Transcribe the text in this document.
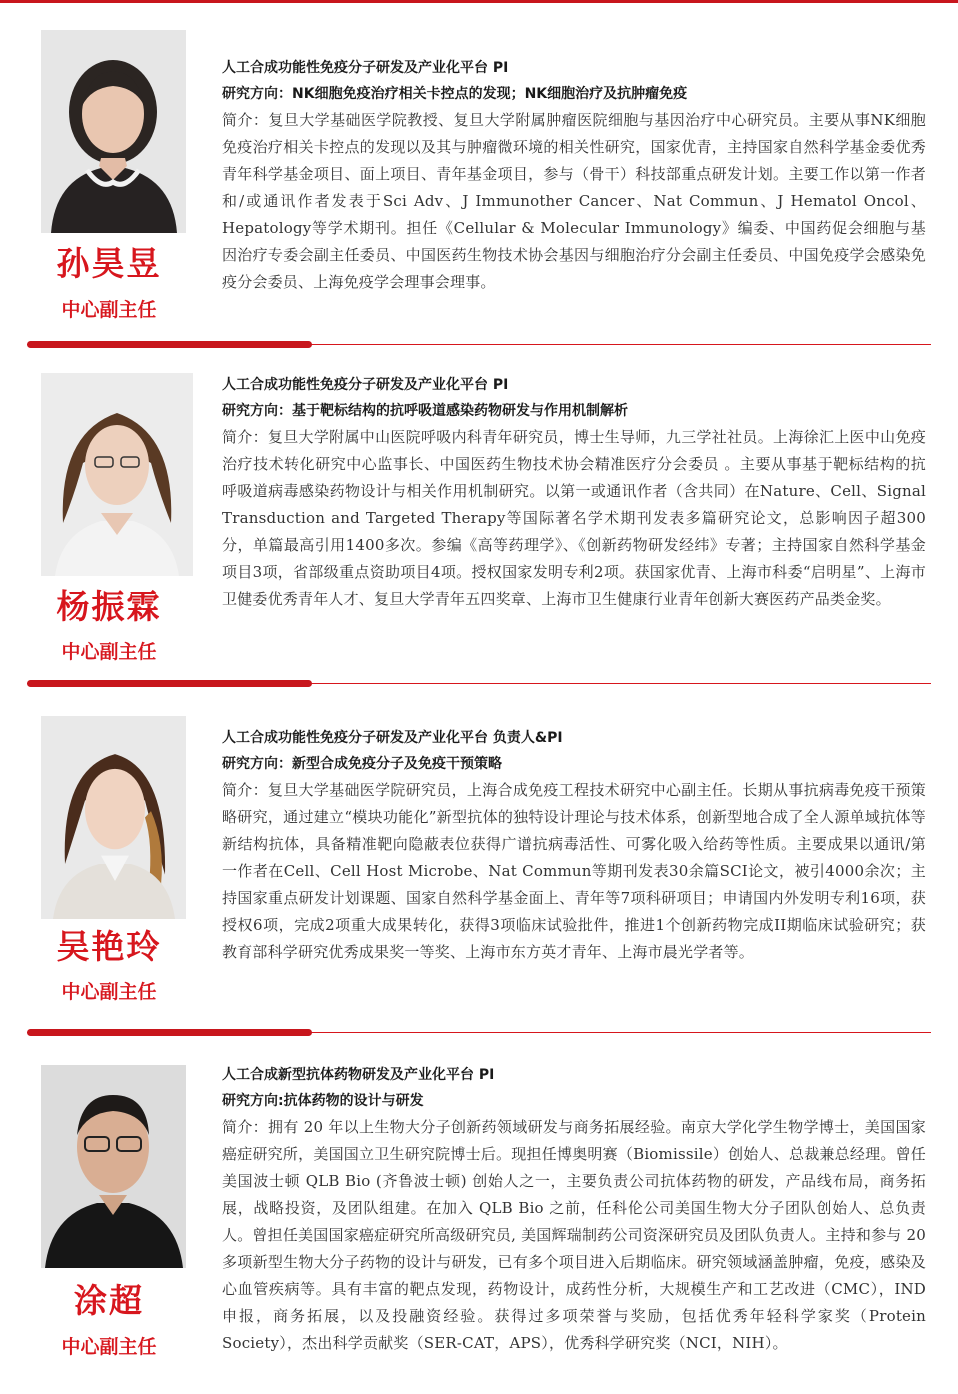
孙昊昱
中心副主任
人工合成功能性免疫分子研发及产业化平台 PI
研究方向：NK细胞免疫治疗相关卡控点的发现；NK细胞治疗及抗肿瘤免疫
简介：复旦大学基础医学院教授、复旦大学附属肿瘤医院细胞与基因治疗中心研究员。主要从事NK细胞免疫治疗相关卡控点的发现以及其与肿瘤微环境的相关性研究，国家优青，主持国家自然科学基金委优秀青年科学基金项目、面上项目、青年基金项目，参与（骨干）科技部重点研发计划。主要工作以第一作者和/或通讯作者发表于Sci Adv、J Immunother Cancer、Nat Commun、J Hematol Oncol、Hepatology等学术期刊。担任《Cellular & Molecular Immunology》编委、中国药促会细胞与基因治疗专委会副主任委员、中国医药生物技术协会基因与细胞治疗分会副主任委员、中国免疫学会感染免疫分会委员、上海免疫学会理事会理事。
杨振霖
中心副主任
人工合成功能性免疫分子研发及产业化平台 PI
研究方向：基于靶标结构的抗呼吸道感染药物研发与作用机制解析
简介：复旦大学附属中山医院呼吸内科青年研究员，博士生导师，九三学社社员。上海徐汇上医中山免疫治疗技术转化研究中心监事长、中国医药生物技术协会精准医疗分会委员 。主要从事基于靶标结构的抗呼吸道病毒感染药物设计与相关作用机制研究。以第一或通讯作者（含共同）在Nature、Cell、Signal Transduction and Targeted Therapy等国际著名学术期刊发表多篇研究论文，总影响因子超300分，单篇最高引用1400多次。参编《高等药理学》、《创新药物研发经纬》专著；主持国家自然科学基金项目3项，省部级重点资助项目4项。授权国家发明专利2项。获国家优青、上海市科委“启明星”、上海市卫健委优秀青年人才、复旦大学青年五四奖章、上海市卫生健康行业青年创新大赛医药产品类金奖。
吴艳玲
中心副主任
人工合成功能性免疫分子研发及产业化平台 负责人&PI
研究方向：新型合成免疫分子及免疫干预策略
简介：复旦大学基础医学院研究员，上海合成免疫工程技术研究中心副主任。长期从事抗病毒免疫干预策略研究，通过建立“模块功能化”新型抗体的独特设计理论与技术体系，创新型地合成了全人源单域抗体等新结构抗体，具备精准靶向隐蔽表位获得广谱抗病毒活性、可雾化吸入给药等性质。主要成果以通讯/第一作者在Cell、Cell Host Microbe、Nat Commun等期刊发表30余篇SCI论文，被引4000余次；主持国家重点研发计划课题、国家自然科学基金面上、青年等7项科研项目；申请国内外发明专利16项，获授权6项，完成2项重大成果转化，获得3项临床试验批件，推进1个创新药物完成II期临床试验研究；获教育部科学研究优秀成果奖一等奖、上海市东方英才青年、上海市晨光学者等。
涂超
中心副主任
人工合成新型抗体药物研发及产业化平台 PI
研究方向:抗体药物的设计与研发
简介：拥有 20 年以上生物大分子创新药领域研发与商务拓展经验。南京大学化学生物学博士，美国国家癌症研究所，美国国立卫生研究院博士后。现担任博奥明赛（Biomissile）创始人、总裁兼总经理。曾任美国波士顿 QLB Bio (齐鲁波士顿) 创始人之一，主要负责公司抗体药物的研发，产品线布局，商务拓展，战略投资，及团队组建。在加入 QLB Bio 之前，任科伦公司美国生物大分子团队创始人、总负责人。曾担任美国国家癌症研究所高级研究员, 美国辉瑞制药公司资深研究员及团队负责人。主持和参与 20 多项新型生物大分子药物的设计与研发，已有多个项目进入后期临床。研究领域涵盖肿瘤，免疫，感染及心血管疾病等。具有丰富的靶点发现，药物设计，成药性分析，大规模生产和工艺改进（CMC），IND 申报，商务拓展，以及投融资经验。获得过多项荣誉与奖励，包括优秀年轻科学家奖（Protein Society），杰出科学贡献奖（SER-CAT，APS），优秀科学研究奖（NCI，NIH）。
